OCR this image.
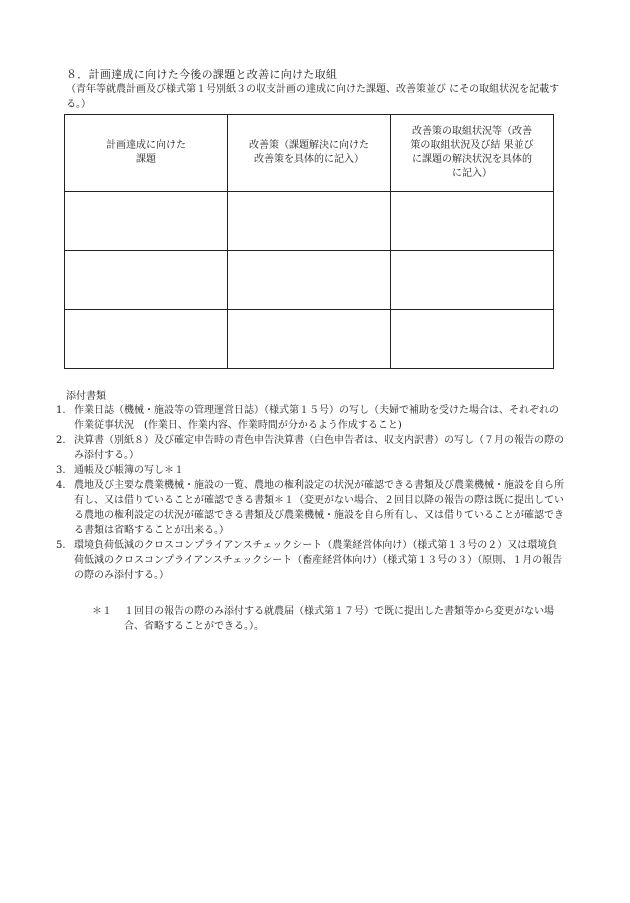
８．計画達成に向けた今後の課題と改善に向けた取組
（青年等就農計画及び様式第１号別紙３の収支計画の達成に向けた課題、改善策並び にその取組状況を記載する。）
計画達成に向けた課題	改善策（課題解決に向けた改善策を具体的に記入）	改善策の取組状況等（改善策の取組状況及び結 果並びに課題の解決状況を具体的に記入）

添付書類
1. 作業日誌（機械・施設等の管理運営日誌）（様式第１５号）の写し（夫婦で補助を受けた場合は、それぞれの作業従事状況　(作業日、作業内容、作業時間が分かるよう作成すること)
2. 決算書（別紙８）及び確定申告時の青色申告決算書（白色申告者は、収支内訳書）の写し（７月の報告の際のみ添付する。）
3. 通帳及び帳簿の写し＊１
4. 農地及び主要な農業機械・施設の一覧、農地の権利設定の状況が確認できる書類及び農業機械・施設を自ら所有し、又は借りていることが確認できる書類＊１（変更がない場合、２回目以降の報告の際は既に提出している農地の権利設定の状況が確認できる書類及び農業機械・施設を自ら所有し、又は借りていることが確認できる書類は省略することが出来る。）
5. 環境負荷低減のクロスコンプライアンスチェックシート（農業経営体向け）（様式第１３号の２）又は環境負荷低減のクロスコンプライアンスチェックシート（畜産経営体向け）（様式第１３号の３）（原則、１月の報告の際のみ添付する。）
＊１	１回目の報告の際のみ添付する就農届（様式第１７号）で既に提出した書類等から変更がない場合、省略することができる。）。
